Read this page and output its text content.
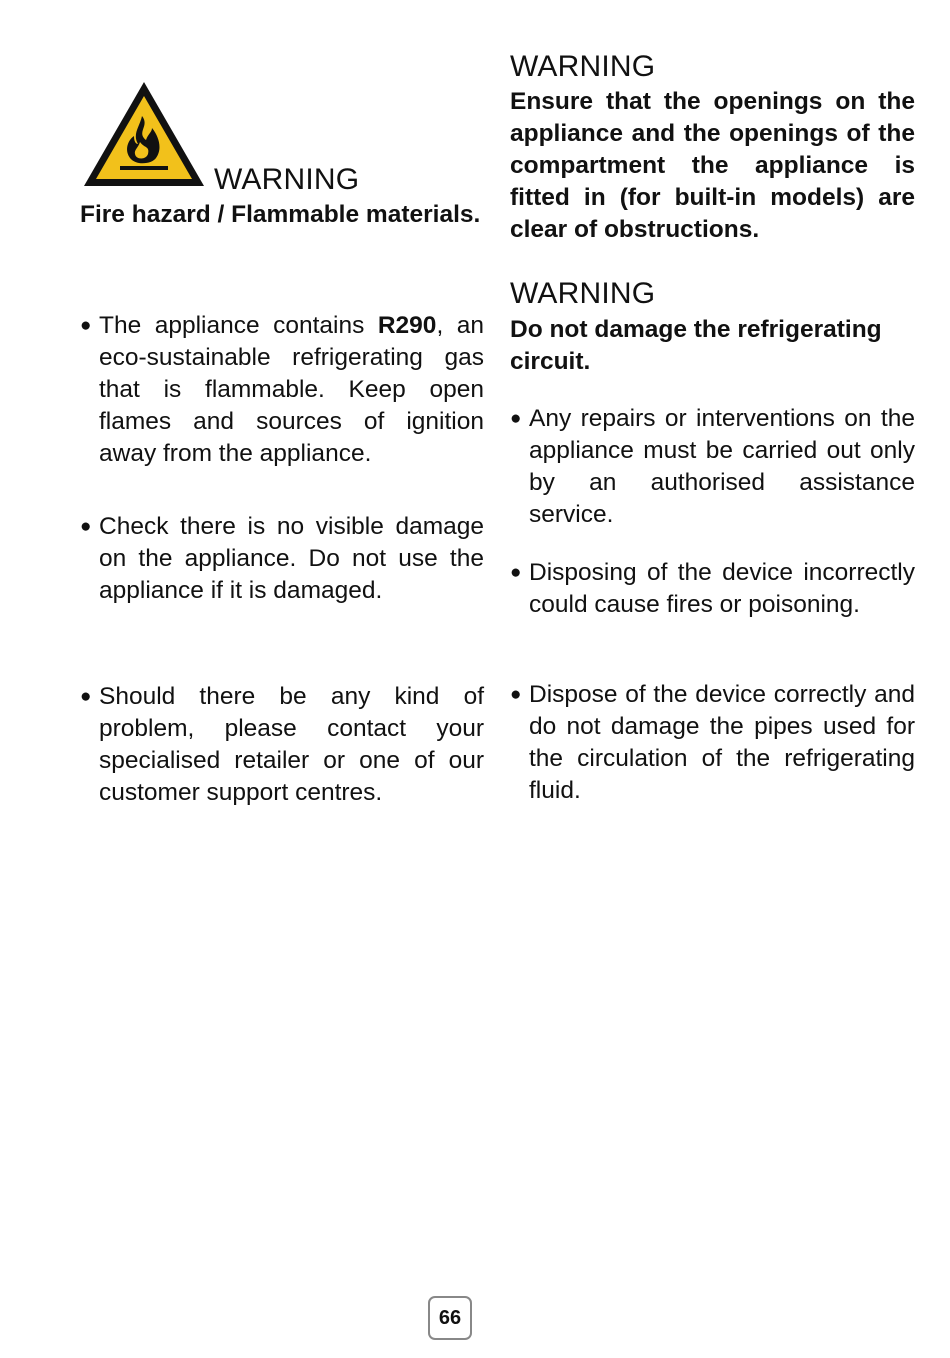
WARNING

Fire hazard / Flammable materials.

● The appliance contains R290, an eco-sustainable refrigerating gas that is flammable. Keep open flames and sources of ignition away from the appliance.
● Check there is no visible damage on the appliance. Do not use the appliance if it is damaged.
● Should there be any kind of problem, please contact your specialised retailer or one of our customer support centres.
WARNING

Ensure that the openings on the appliance and the openings of the compartment the appliance is fitted in (for built-in models) are clear of obstructions.

WARNING

Do not damage the refrigerating circuit.

● Any repairs or interventions on the appliance must be carried out only by an authorised assistance service.
● Disposing of the device incorrectly could cause fires or poisoning.
● Dispose of the device correctly and do not damage the pipes used for the circulation of the refrigerating fluid.
66
